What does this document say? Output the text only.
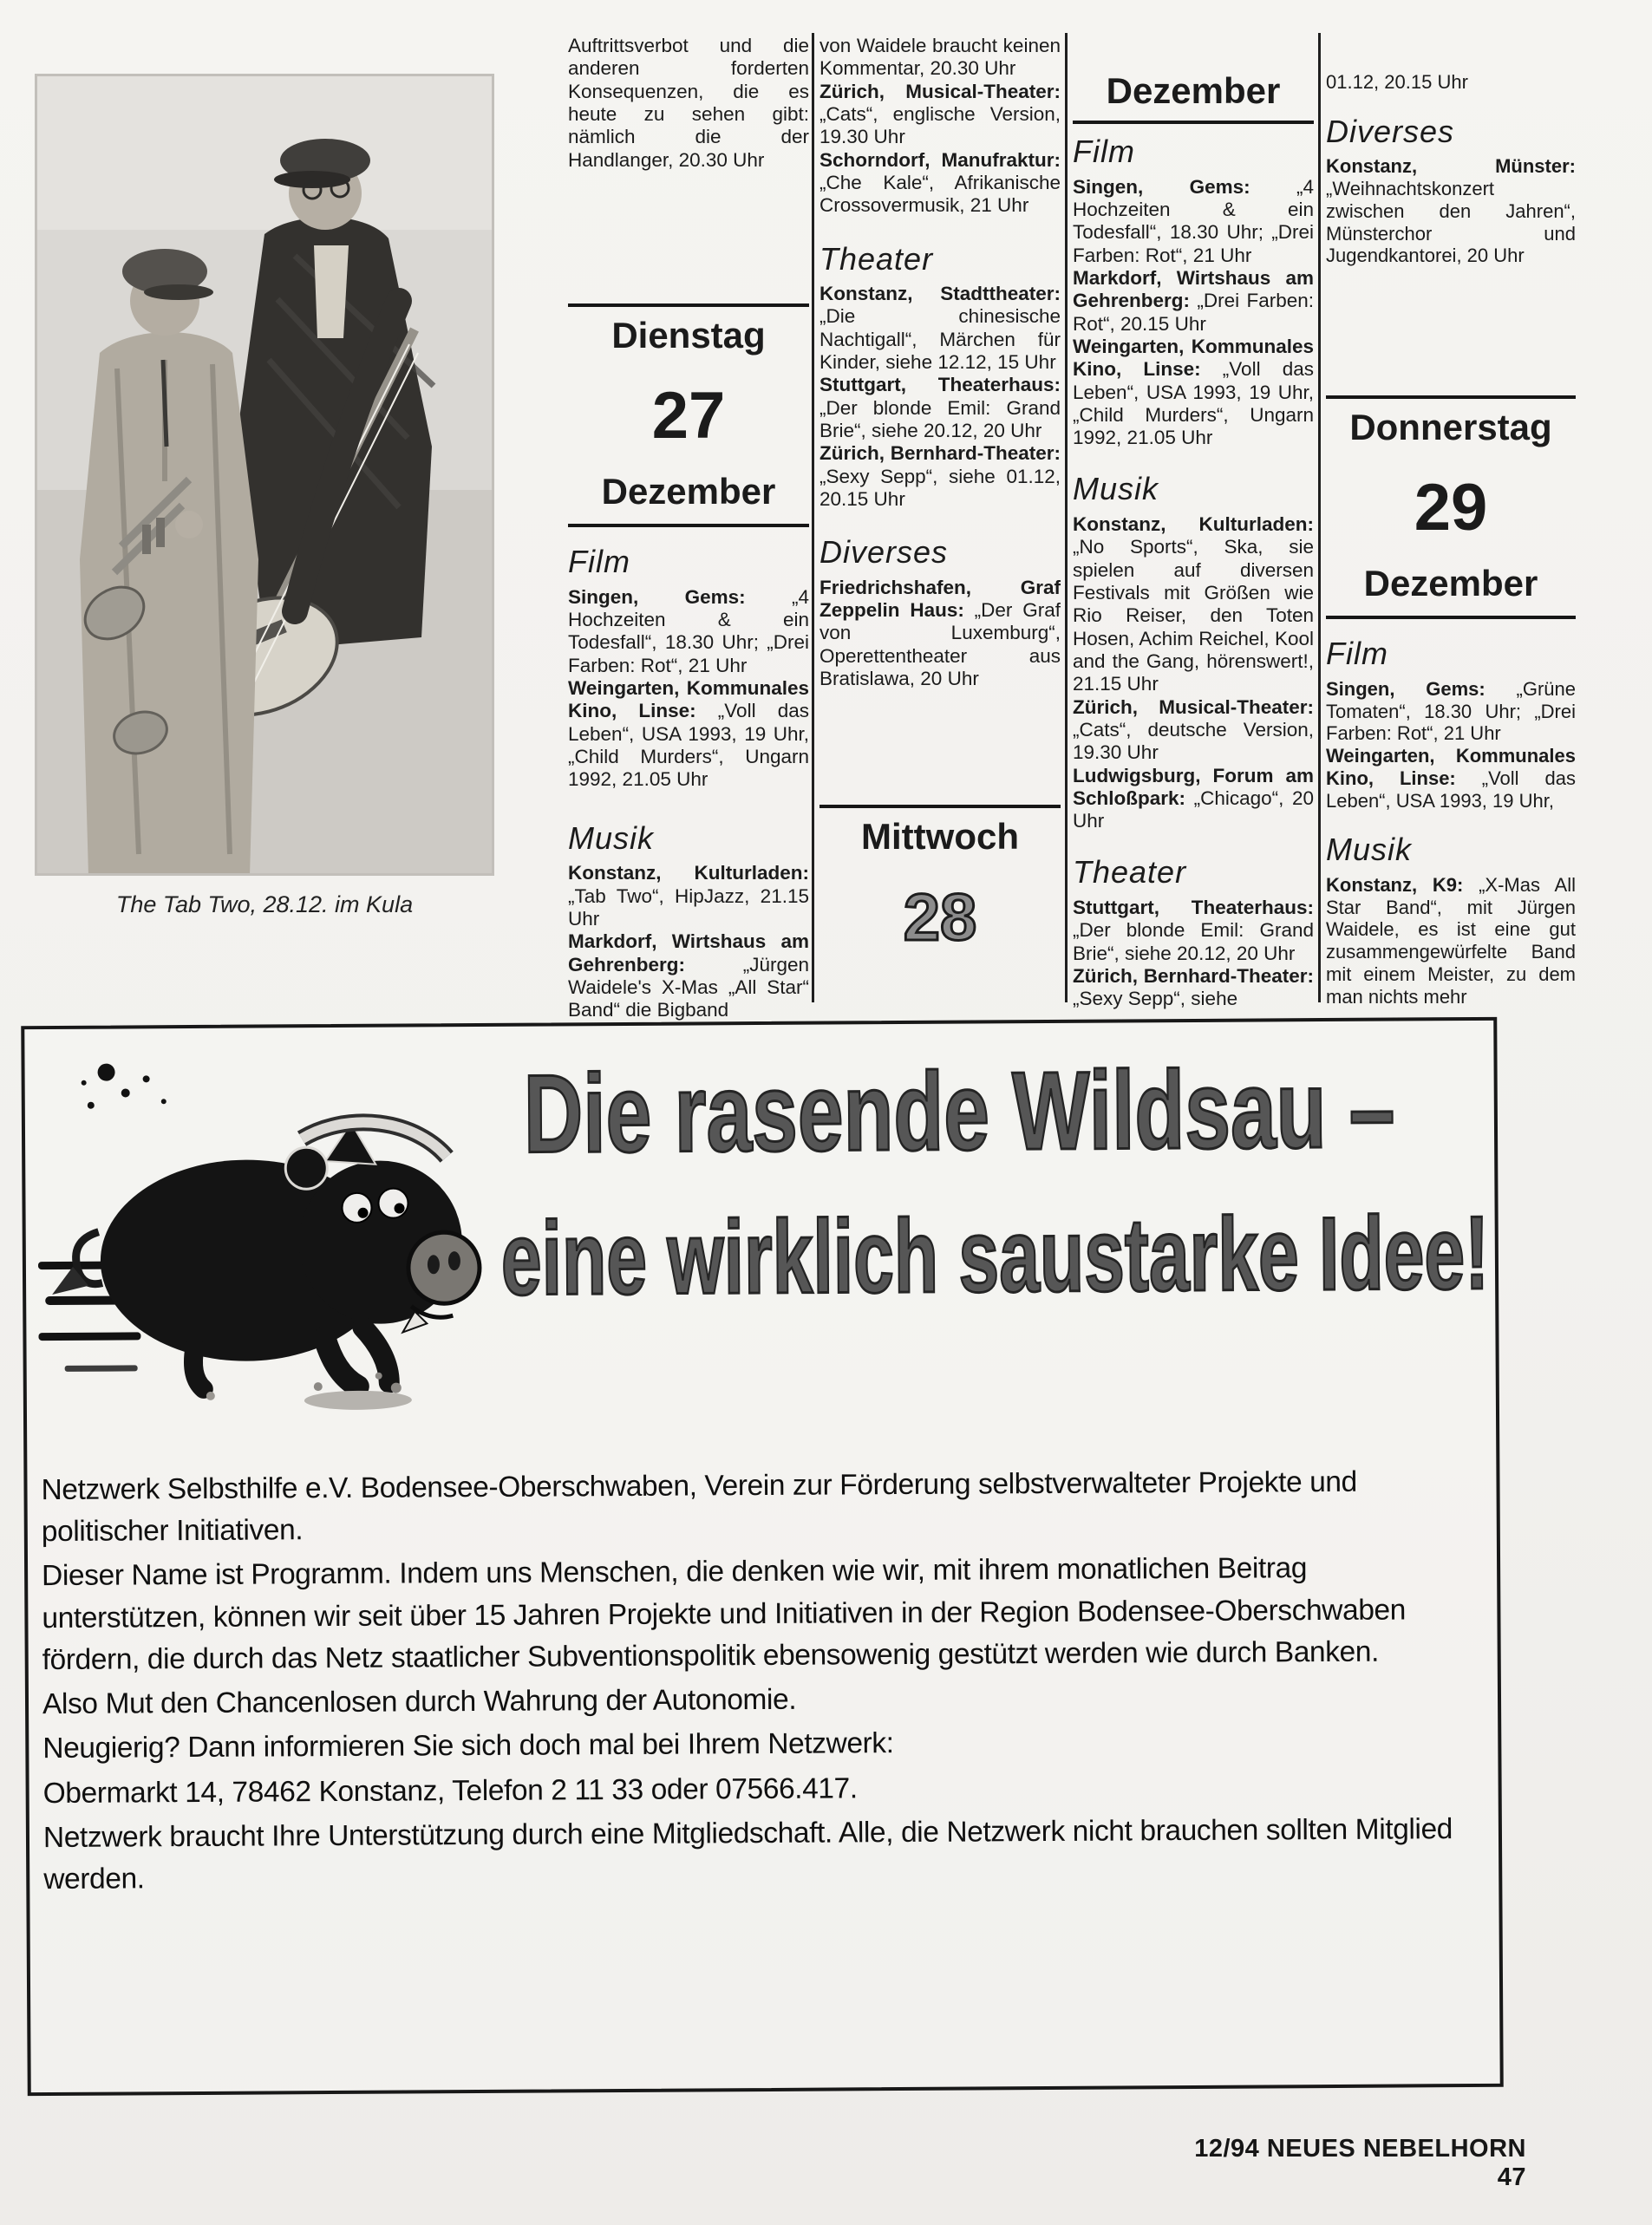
The Tab Two, 28.12. im Kula

Auftrittsverbot und die anderen forderten Konsequenzen, die es heute zu sehen gibt: nämlich die der Handlanger, 20.30 Uhr

Dienstag
27
Dezember
Film

Singen, Gems: „4 Hochzeiten & ein Todesfall“, 18.30 Uhr; „Drei Farben: Rot“, 21 Uhr

Weingarten, Kommunales Kino, Linse: „Voll das Leben“, USA 1993, 19 Uhr, „Child Murders“, Ungarn 1992, 21.05 Uhr

Musik

Konstanz, Kulturladen: „Tab Two“, HipJazz, 21.15 Uhr

Markdorf, Wirtshaus am Gehrenberg:	„Jürgen Waidele's X-Mas „All Star“ Band“ die Bigband

von Waidele braucht keinen Kommentar, 20.30 Uhr

Zürich, Musical-Theater: „Cats“, englische Version, 19.30 Uhr

Schorndorf, Manufraktur: „Che Kale“, Afrikanische Crossovermusik, 21 Uhr

Theater

Konstanz, Stadttheater: „Die chinesische Nachtigall“, Märchen für Kinder, siehe 12.12, 15 Uhr

Stuttgart, Theaterhaus: „Der blonde Emil: Grand Brie“, siehe 20.12, 20 Uhr

Zürich, Bernhard-Theater: „Sexy Sepp“, siehe 01.12, 20.15 Uhr

Diverses

Friedrichshafen, Graf Zeppelin Haus: „Der Graf von Luxemburg“, Operettentheater aus Bratislawa, 20 Uhr

Mittwoch
28
Dezember
Film

Singen, Gems: „4 Hochzeiten & ein Todesfall“, 18.30 Uhr; „Drei Farben: Rot“, 21 Uhr

Markdorf, Wirtshaus am Gehrenberg: „Drei Farben: Rot“, 20.15 Uhr

Weingarten, Kommunales Kino, Linse: „Voll das Leben“, USA 1993, 19 Uhr, „Child Murders“, Ungarn 1992, 21.05 Uhr

Musik

Konstanz, Kulturladen: „No Sports“, Ska, sie spielen auf diversen Festivals mit Größen wie Rio Reiser, den Toten Hosen, Achim Reichel, Kool and the Gang, hörenswert!, 21.15 Uhr

Zürich, Musical-Theater: „Cats“, deutsche Version, 19.30 Uhr

Ludwigsburg, Forum am Schloßpark: „Chicago“, 20 Uhr

Theater

Stuttgart, Theaterhaus: „Der blonde Emil: Grand Brie“, siehe 20.12, 20 Uhr

Zürich, Bernhard-Theater: „Sexy Sepp“, siehe

01.12, 20.15 Uhr

Diverses

Konstanz, Münster: „Weihnachtskonzert zwischen den Jahren“, Münsterchor und Jugendkantorei, 20 Uhr

Donnerstag
29
Dezember
Film

Singen, Gems: „Grüne Tomaten“, 18.30 Uhr; „Drei Farben: Rot“, 21 Uhr

Weingarten, Kommunales Kino, Linse: „Voll das Leben“, USA 1993, 19 Uhr,

Musik

Konstanz, K9: „X-Mas All Star Band“, mit Jürgen Waidele, es ist eine gut zusammengewürfelte Band mit einem Meister, zu dem man nichts mehr

Die rasende Wildsau –
eine wirklich saustarke Idee!

Netzwerk Selbsthilfe e.V. Bodensee-Oberschwaben, Verein zur Förderung selbstverwalteter Projekte und politischer Initiativen.

Dieser Name ist Programm. Indem uns Menschen, die denken wie wir, mit ihrem monatlichen Beitrag unterstützen, können wir seit über 15 Jahren Projekte und Initiativen in der Region Bodensee-Oberschwaben fördern, die durch das Netz staatlicher Subventionspolitik ebensowenig gestützt werden wie durch Banken.

Also Mut den Chancenlosen durch Wahrung der Autonomie.

Neugierig? Dann informieren Sie sich doch mal bei Ihrem Netzwerk:

Obermarkt 14, 78462 Konstanz, Telefon 2 11 33 oder 07566.417.

Netzwerk braucht Ihre Unterstützung durch eine Mitgliedschaft. Alle, die Netzwerk nicht brauchen sollten Mitglied werden.

12/94 NEUES NEBELHORN 47
